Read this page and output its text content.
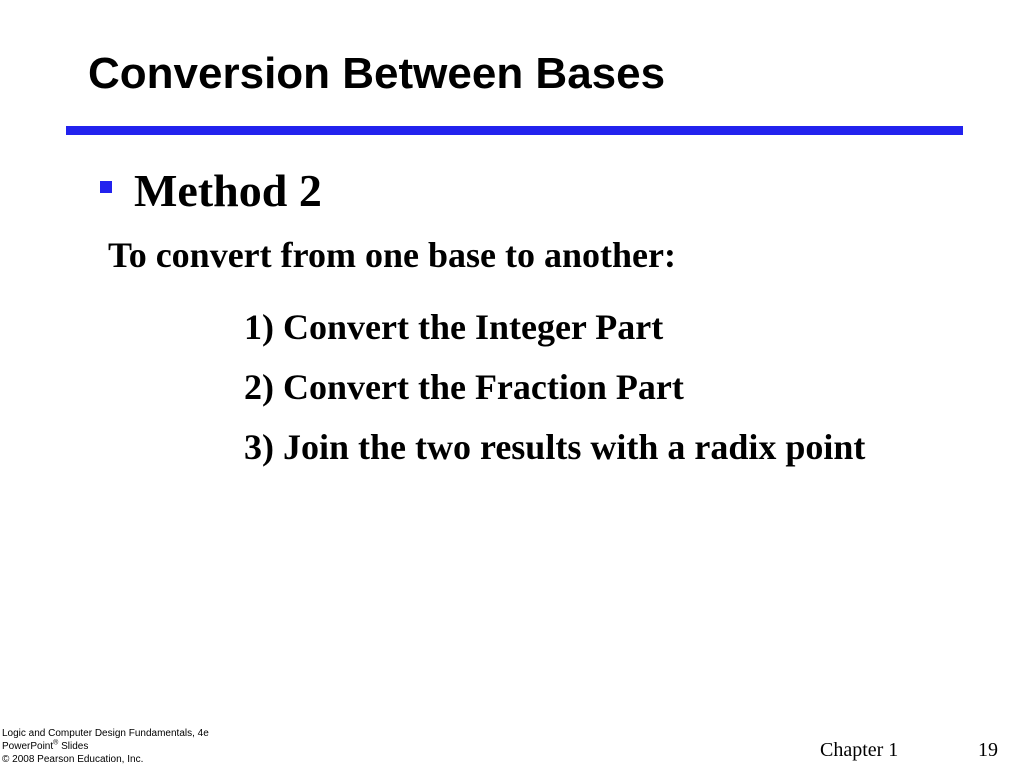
Conversion Between Bases
Method 2
To convert from one base to another:
1) Convert the Integer Part
2) Convert the Fraction Part
3) Join the two results with a radix point
Logic and Computer Design Fundamentals, 4e
PowerPoint® Slides
© 2008 Pearson Education, Inc.	Chapter 1	19
